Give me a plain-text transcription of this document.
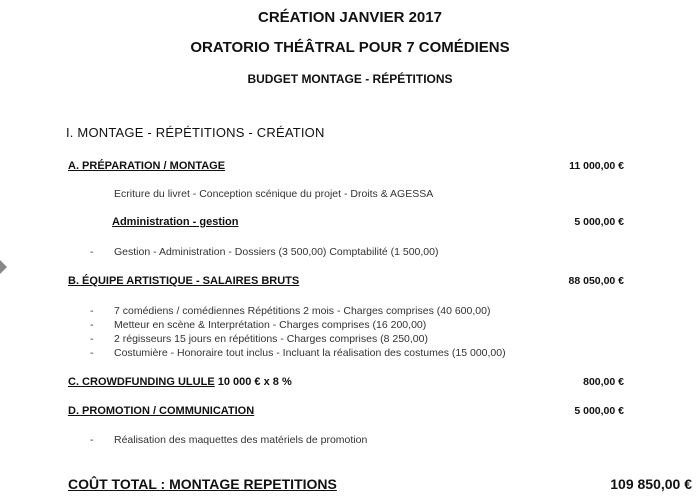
CRÉATION JANVIER 2017
ORATORIO THÉÂTRAL POUR 7 COMÉDIENS
BUDGET MONTAGE - RÉPÉTITIONS
I. MONTAGE - RÉPÉTITIONS - CRÉATION
A. PRÉPARATION / MONTAGE	11 000,00 €
Ecriture du livret - Conception scénique du projet - Droits & AGESSA
Administration - gestion	5 000,00 €
- Gestion - Administration - Dossiers (3 500,00) Comptabilité (1 500,00)
B. ÉQUIPE ARTISTIQUE - SALAIRES BRUTS	88 050,00 €
- 7 comédiens / comédiennes Répétitions 2 mois - Charges comprises (40 600,00)
- Metteur en scène & Interprétation - Charges comprises (16 200,00)
- 2 régisseurs 15 jours en répétitions - Charges comprises (8 250,00)
- Costumière - Honoraire tout inclus - Incluant la réalisation des costumes (15 000,00)
C. CROWDFUNDING ULULE 10 000 € x 8 %	800,00 €
D. PROMOTION / COMMUNICATION	5 000,00 €
- Réalisation des maquettes des matériels de promotion
COÛT TOTAL : MONTAGE REPETITIONS	109 850,00 €
